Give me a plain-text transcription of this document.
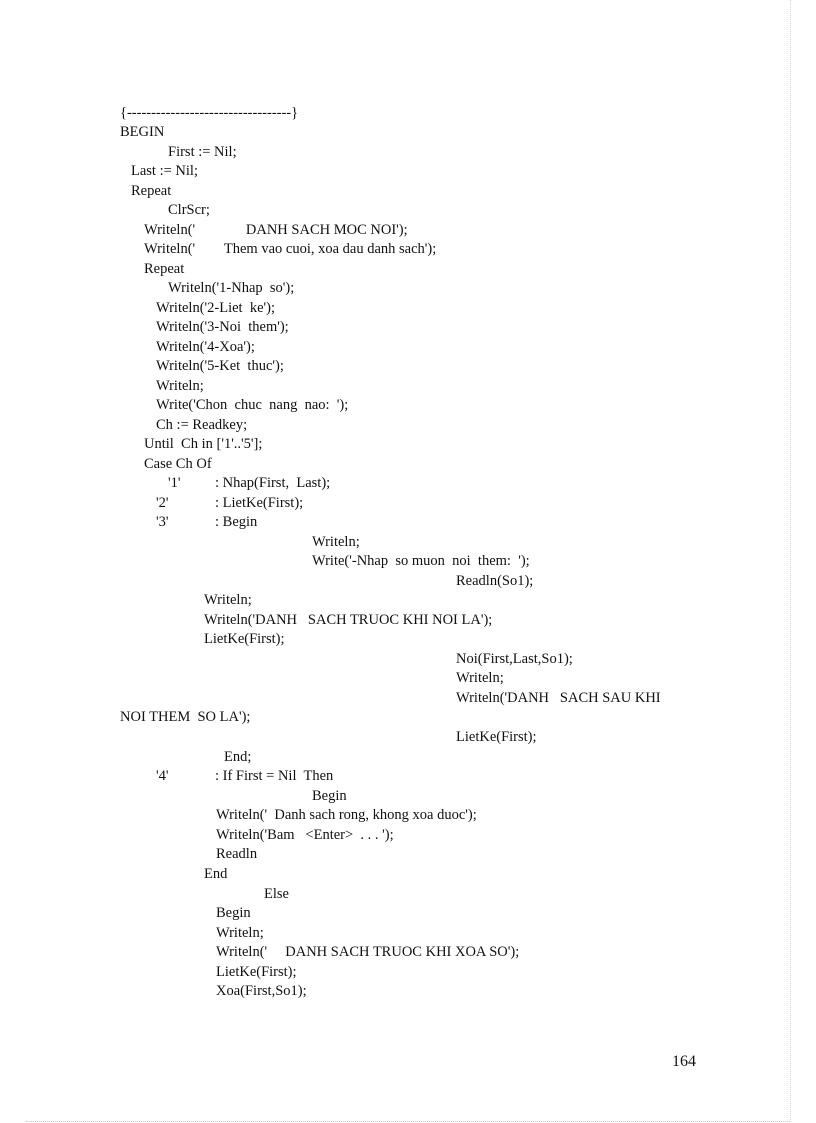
{----------------------------------}
BEGIN
First := Nil;
Last := Nil;
Repeat
ClrScr;
Writeln('              DANH SACH MOC NOI');
Writeln('        Them vao cuoi, xoa dau danh sach');
Repeat
Writeln('1-Nhap  so');
Writeln('2-Liet  ke');
Writeln('3-Noi  them');
Writeln('4-Xoa');
Writeln('5-Ket  thuc');
Writeln;
Write('Chon  chuc  nang  nao:  ');
Ch := Readkey;
Until  Ch in ['1'..'5'];
Case Ch Of
'1' : Nhap(First,  Last);
'2'	: LietKe(First);
'3'	: Begin
Writeln;
Write('-Nhap  so muon  noi  them:  ');
Readln(So1);
Writeln;
Writeln('DANH   SACH TRUOC KHI NOI LA');
LietKe(First);
Noi(First,Last,So1);
Writeln;
Writeln('DANH   SACH SAU KHI
NOI THEM  SO LA');
LietKe(First);
End;
'4'	: If First = Nil  Then
Begin
Writeln('  Danh sach rong, khong xoa duoc');
Writeln('Bam   <Enter>  . . . ');
Readln
End
Else
Begin
Writeln;
Writeln('     DANH SACH TRUOC KHI XOA SO');
LietKe(First);
Xoa(First,So1);
164
